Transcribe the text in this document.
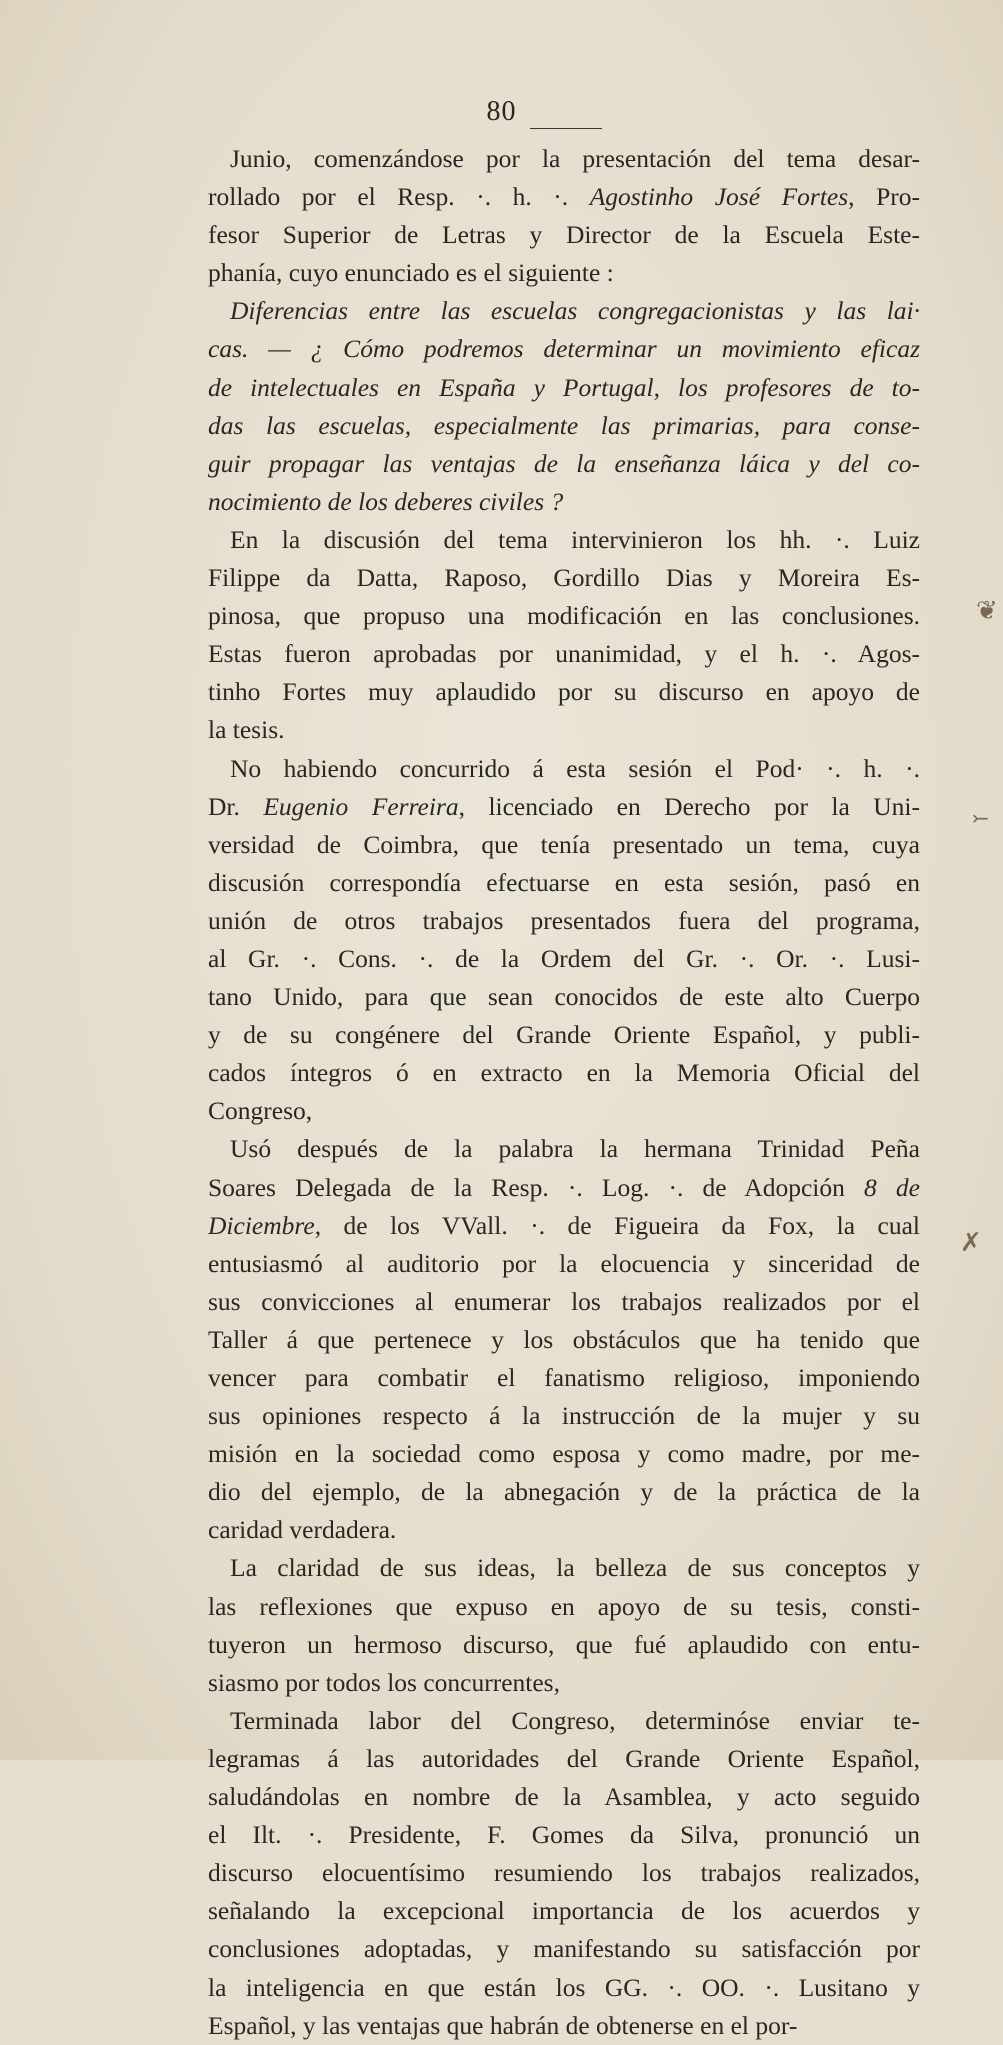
80
Junio, comenzándose por la presentación del tema desar-
rollado por el Resp. ·. h. ·. Agostinho José Fortes, Pro-
fesor Superior de Letras y Director de la Escuela Este-
phanía, cuyo enunciado es el siguiente :
Diferencias entre las escuelas congregacionistas y las lai·
cas. — ¿ Cómo podremos determinar un movimiento eficaz
de intelectuales en España y Portugal, los profesores de to-
das las escuelas, especialmente las primarias, para conse-
guir propagar las ventajas de la enseñanza láica y del co-
nocimiento de los deberes civiles ?
En la discusión del tema intervinieron los hh. ·. Luiz
Filippe da Datta, Raposo, Gordillo Dias y Moreira Es-
pinosa, que propuso una modificación en las conclusiones.
Estas fueron aprobadas por unanimidad, y el h. ·. Agos-
tinho Fortes muy aplaudido por su discurso en apoyo de
la tesis.
No habiendo concurrido á esta sesión el Pod· ·. h. ·.
Dr. Eugenio Ferreira, licenciado en Derecho por la Uni-
versidad de Coimbra, que tenía presentado un tema, cuya
discusión correspondía efectuarse en esta sesión, pasó en
unión de otros trabajos presentados fuera del programa,
al Gr. ·. Cons. ·. de la Ordem del Gr. ·. Or. ·. Lusi-
tano Unido, para que sean conocidos de este alto Cuerpo
y de su congénere del Grande Oriente Español, y publi-
cados íntegros ó en extracto en la Memoria Oficial del
Congreso,
Usó después de la palabra la hermana Trinidad Peña
Soares Delegada de la Resp. ·. Log. ·. de Adopción 8 de
Diciembre, de los VVall. ·. de Figueira da Fox, la cual
entusiasmó al auditorio por la elocuencia y sinceridad de
sus convicciones al enumerar los trabajos realizados por el
Taller á que pertenece y los obstáculos que ha tenido que
vencer para combatir el fanatismo religioso, imponiendo
sus opiniones respecto á la instrucción de la mujer y su
misión en la sociedad como esposa y como madre, por me-
dio del ejemplo, de la abnegación y de la práctica de la
caridad verdadera.
La claridad de sus ideas, la belleza de sus conceptos y
las reflexiones que expuso en apoyo de su tesis, consti-
tuyeron un hermoso discurso, que fué aplaudido con entu-
siasmo por todos los concurrentes,
Terminada labor del Congreso, determinóse enviar te-
legramas á las autoridades del Grande Oriente Español,
saludándolas en nombre de la Asamblea, y acto seguido
el Ilt. ·. Presidente, F. Gomes da Silva, pronunció un
discurso elocuentísimo resumiendo los trabajos realizados,
señalando la excepcional importancia de los acuerdos y
conclusiones adoptadas, y manifestando su satisfacción por
la inteligencia en que están los GG. ·. OO. ·. Lusitano y
Español, y las ventajas que habrán de obtenerse en el por-
❦
⤚
✗
